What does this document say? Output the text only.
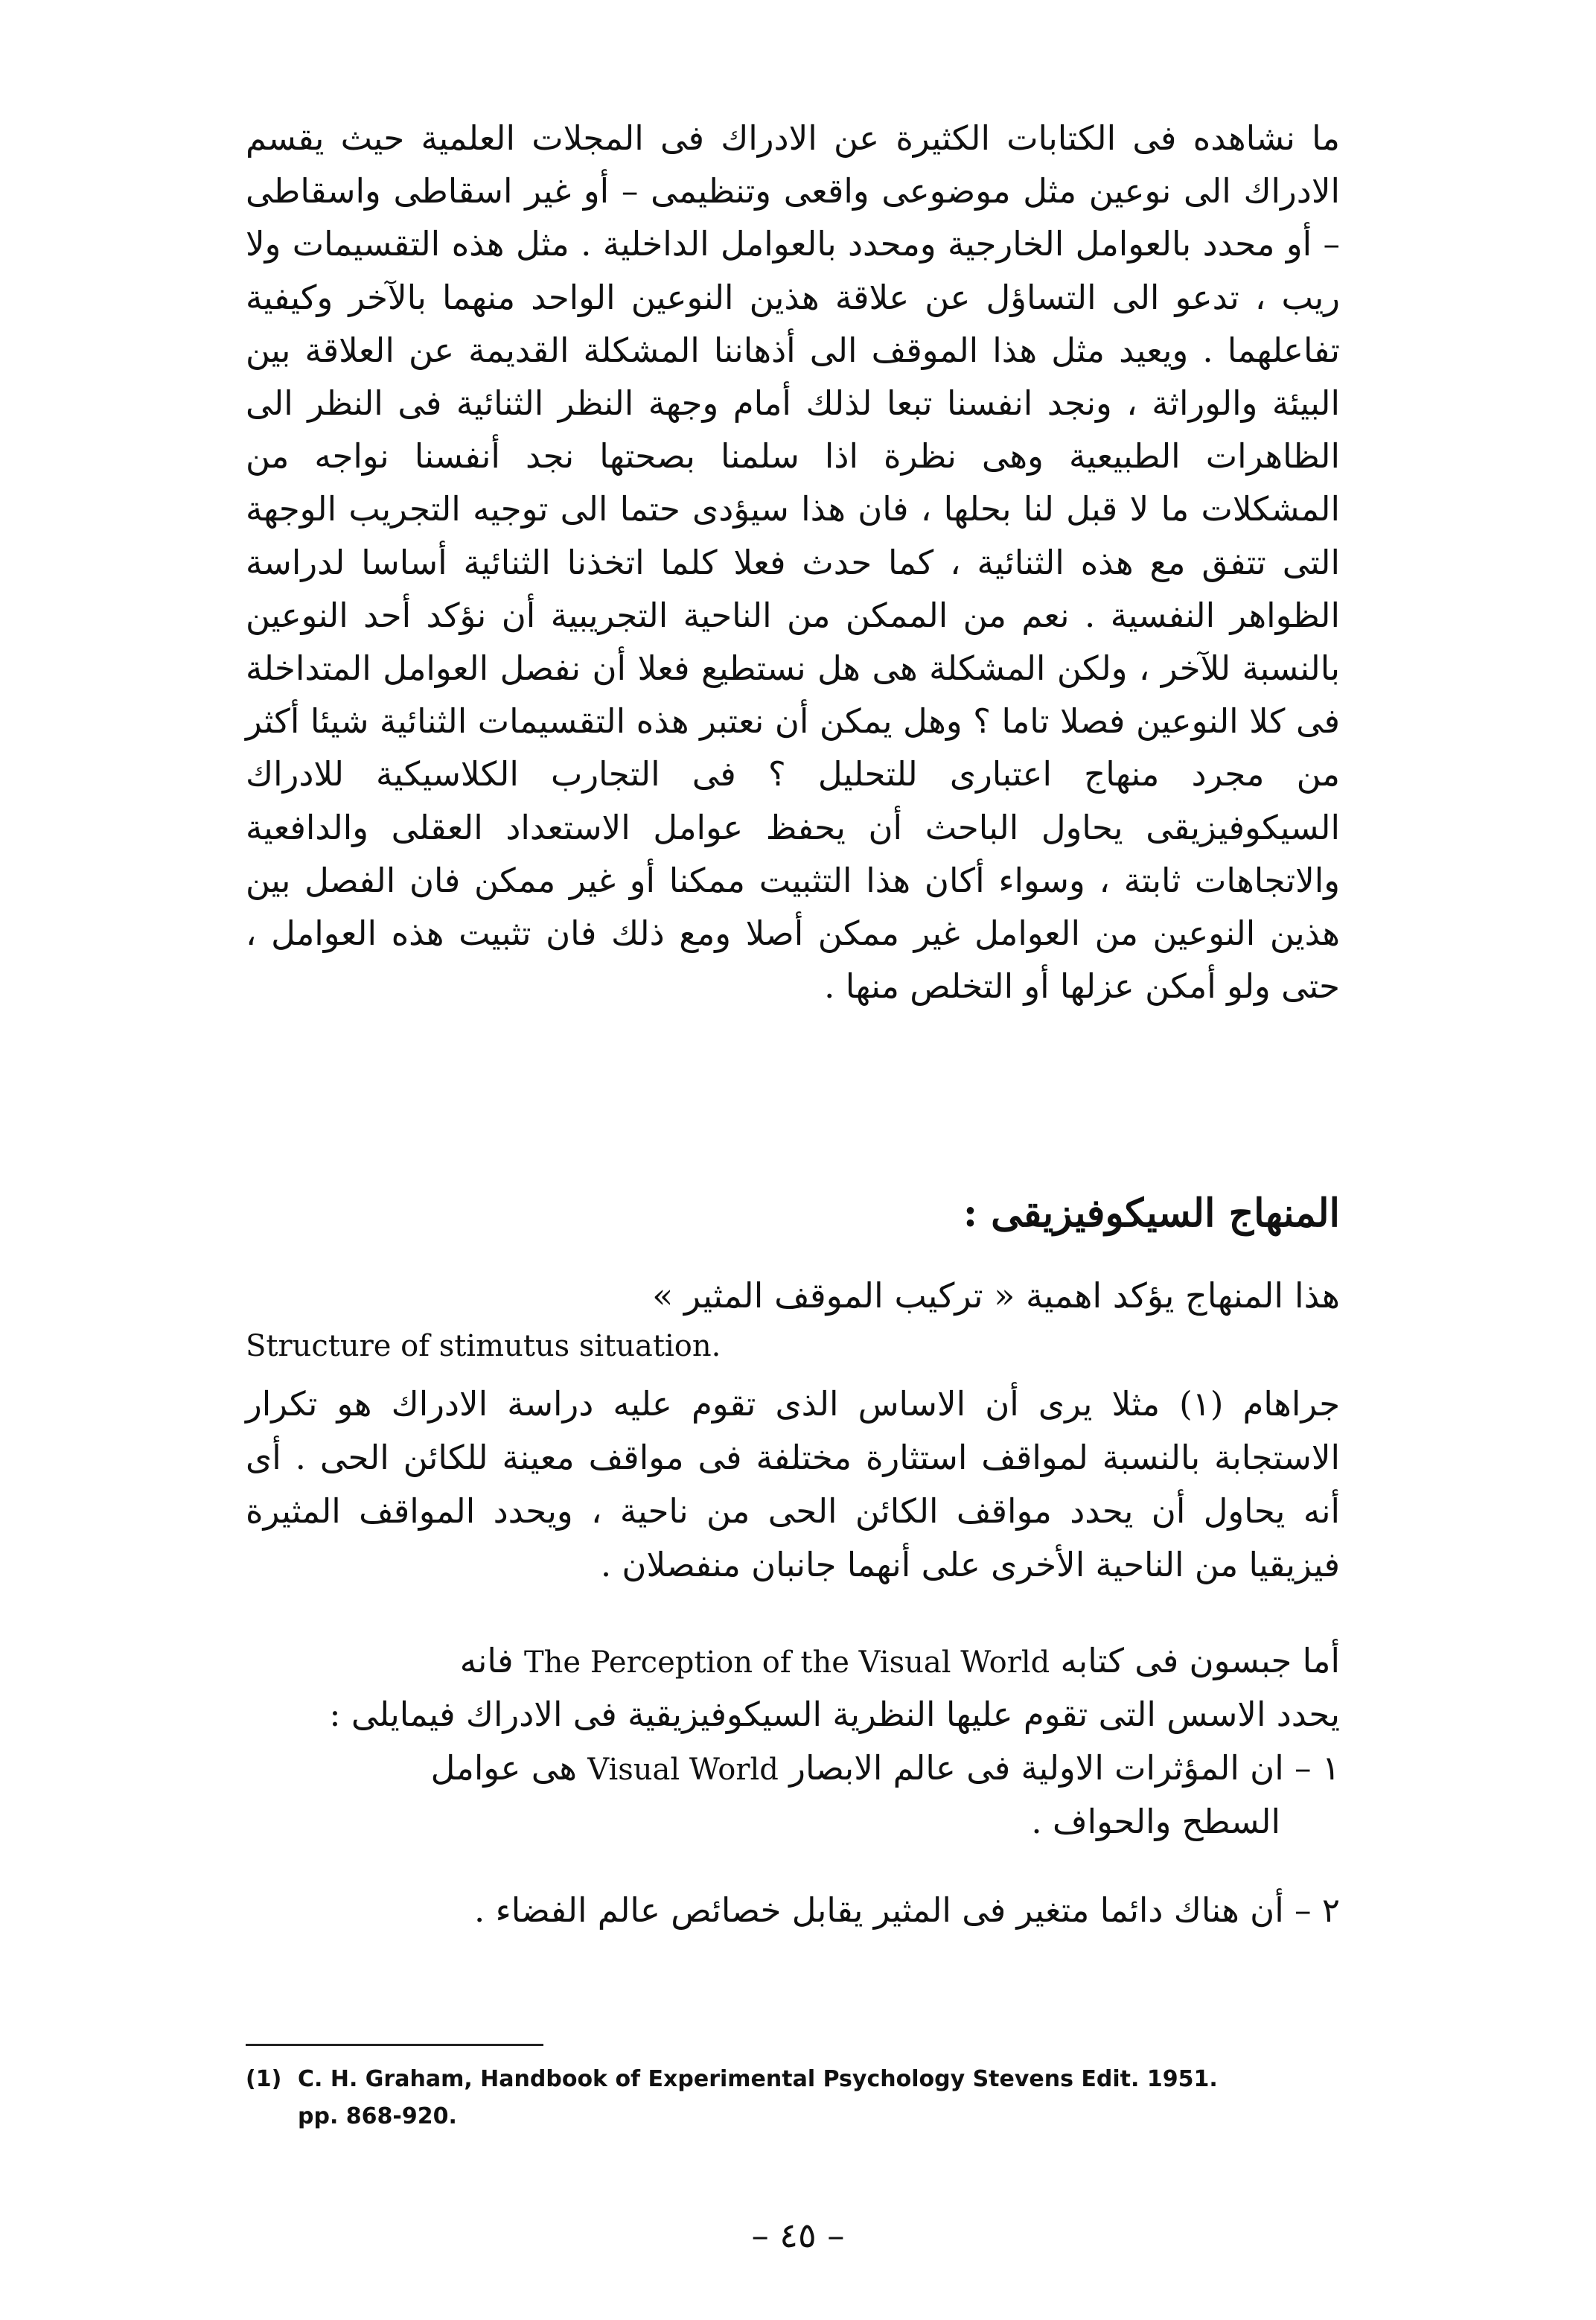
ما نشاهده فى الكتابات الكثيرة عن الادراك فى المجلات العلمية حيث يقسم الادراك الى نوعين مثل موضوعى واقعى وتنظيمى – أو غير اسقاطى واسقاطى – أو محدد بالعوامل الخارجية ومحدد بالعوامل الداخلية . مثل هذه التقسيمات ولا ريب ، تدعو الى التساؤل عن علاقة هذين النوعين الواحد منهما بالآخر وكيفية تفاعلهما . ويعيد مثل هذا الموقف الى أذهاننا المشكلة القديمة عن العلاقة بين البيئة والوراثة ، ونجد انفسنا تبعا لذلك أمام وجهة النظر الثنائية فى النظر الى الظاهرات الطبيعية وهى نظرة اذا سلمنا بصحتها نجد أنفسنا نواجه من المشكلات ما لا قبل لنا بحلها ، فان هذا سيؤدى حتما الى توجيه التجريب الوجهة التى تتفق مع هذه الثنائية ، كما حدث فعلا كلما اتخذنا الثنائية أساسا لدراسة الظواهر النفسية . نعم من الممكن من الناحية التجريبية أن نؤكد أحد النوعين بالنسبة للآخر ، ولكن المشكلة هى هل نستطيع فعلا أن نفصل العوامل المتداخلة فى كلا النوعين فصلا تاما ؟ وهل يمكن أن نعتبر هذه التقسيمات الثنائية شيئا أكثر من مجرد منهاج اعتبارى للتحليل ؟ فى التجارب الكلاسيكية للادراك السيكوفيزيقى يحاول الباحث أن يحفظ عوامل الاستعداد العقلى والدافعية والاتجاهات ثابتة ، وسواء أكان هذا التثبيت ممكنا أو غير ممكن فان الفصل بين هذين النوعين من العوامل غير ممكن أصلا ومع ذلك فان تثبيت هذه العوامل ، حتى ولو أمكن عزلها أو التخلص منها .
المنهاج السيكوفيزيقى :
هذا المنهاج يؤكد اهمية « تركيب الموقف المثير »
Structure of stimutus situation.
جراهام (١) مثلا يرى أن الاساس الذى تقوم عليه دراسة الادراك هو تكرار الاستجابة بالنسبة لمواقف استثارة مختلفة فى مواقف معينة للكائن الحى . أى أنه يحاول أن يحدد مواقف الكائن الحى من ناحية ، ويحدد المواقف المثيرة فيزيقيا من الناحية الأخرى على أنهما جانبان منفصلان .
أما جبسون فى كتابه The Perception of the Visual World فانه
يحدد الاسس التى تقوم عليها النظرية السيكوفيزيقية فى الادراك فيمايلى :
١ – ان المؤثرات الاولية فى عالم الابصار Visual World هى عوامل
السطح والحواف .
٢ – أن هناك دائما متغير فى المثير يقابل خصائص عالم الفضاء .
(1) C. H. Graham, Handbook of Experimental Psychology Stevens Edit. 1951.
pp. 868-920.
– ٤٥ –
